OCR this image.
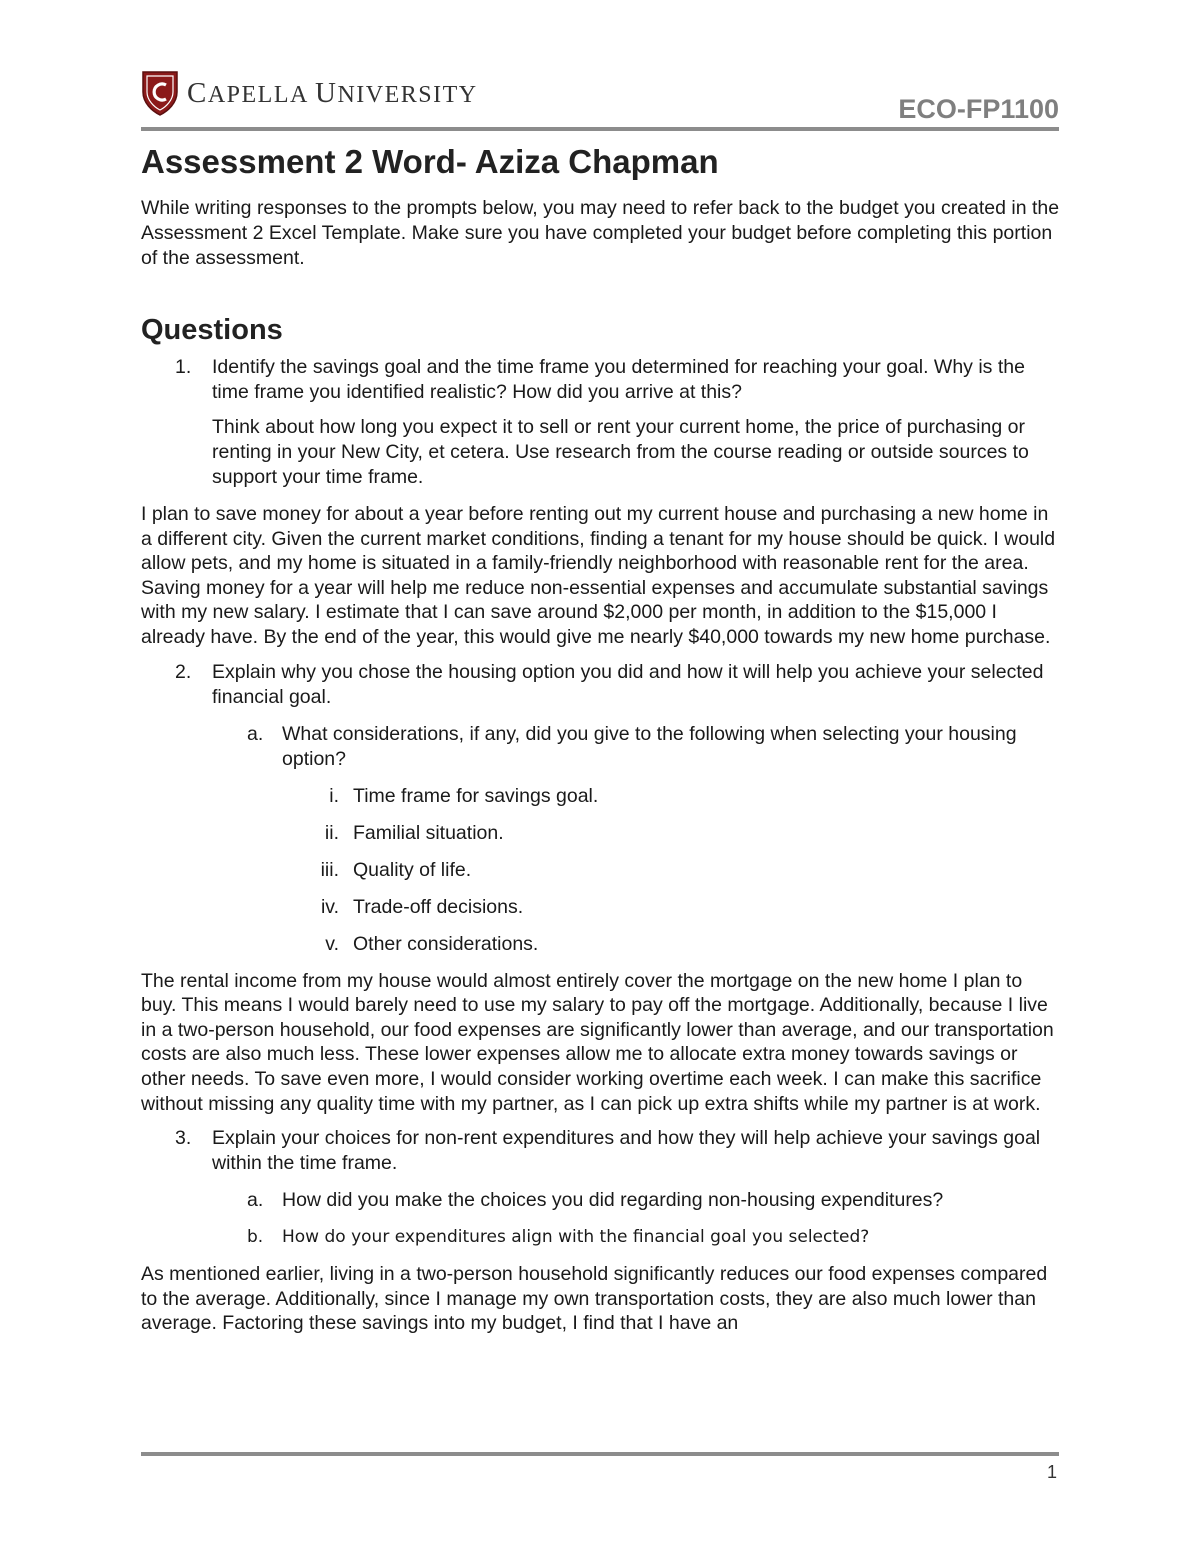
CAPELLA UNIVERSITY	ECO-FP1100
Assessment 2 Word- Aziza Chapman

While writing responses to the prompts below, you may need to refer back to the budget you created in the Assessment 2 Excel Template. Make sure you have completed your budget before completing this portion of the assessment.

Questions
1. Identify the savings goal and the time frame you determined for reaching your goal. Why is the time frame you identified realistic? How did you arrive at this?
Think about how long you expect it to sell or rent your current home, the price of purchasing or renting in your New City, et cetera. Use research from the course reading or outside sources to support your time frame.
I plan to save money for about a year before renting out my current house and purchasing a new home in a different city. Given the current market conditions, finding a tenant for my house should be quick. I would allow pets, and my home is situated in a family-friendly neighborhood with reasonable rent for the area. Saving money for a year will help me reduce non-essential expenses and accumulate substantial savings with my new salary. I estimate that I can save around $2,000 per month, in addition to the $15,000 I already have. By the end of the year, this would give me nearly $40,000 towards my new home purchase.
2. Explain why you chose the housing option you did and how it will help you achieve your selected financial goal.
a. What considerations, if any, did you give to the following when selecting your housing option?
i. Time frame for savings goal.
ii. Familial situation.
iii. Quality of life.
iv. Trade-off decisions.
v. Other considerations.
The rental income from my house would almost entirely cover the mortgage on the new home I plan to buy. This means I would barely need to use my salary to pay off the mortgage. Additionally, because I live in a two-person household, our food expenses are significantly lower than average, and our transportation costs are also much less. These lower expenses allow me to allocate extra money towards savings or other needs. To save even more, I would consider working overtime each week. I can make this sacrifice without missing any quality time with my partner, as I can pick up extra shifts while my partner is at work.
3. Explain your choices for non-rent expenditures and how they will help achieve your savings goal within the time frame.
a. How did you make the choices you did regarding non-housing expenditures?
b. How do your expenditures align with the financial goal you selected?
As mentioned earlier, living in a two-person household significantly reduces our food expenses compared to the average. Additionally, since I manage my own transportation costs, they are also much lower than average. Factoring these savings into my budget, I find that I have an
1
